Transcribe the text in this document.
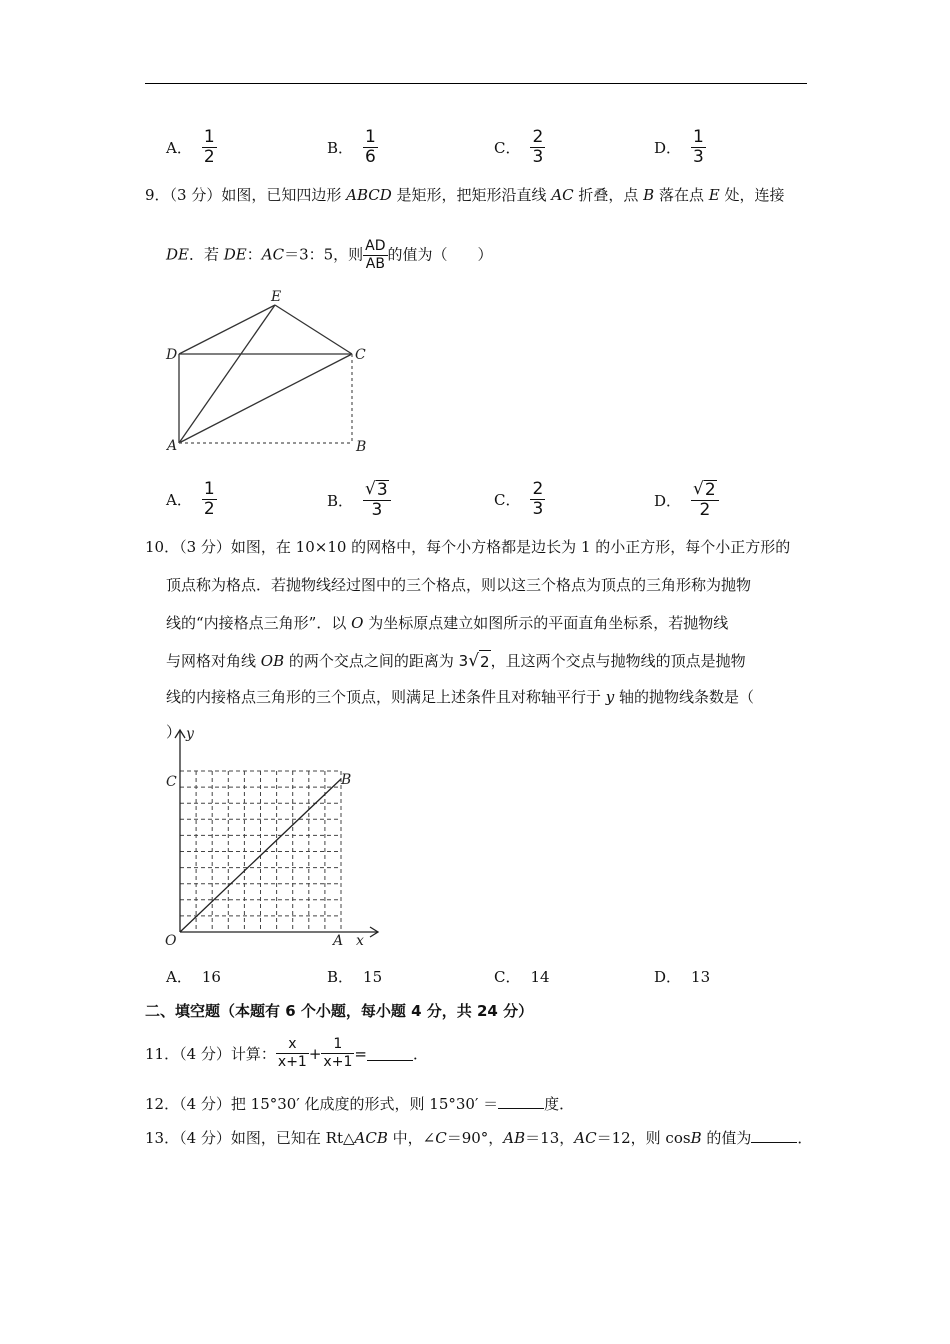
A． $\frac{1}{2}$	B． $\frac{1}{6}$	C． $\frac{2}{3}$	D． $\frac{1}{3}$
9．（3 分）如图，已知四边形 ABCD 是矩形，把矩形沿直线 AC 折叠，点 B 落在点 E 处，连接
DE．若 DE：AC＝3：5，则 $\frac{AD}{AB}$ 的值为（　　）
E
D	C
A	B
A． $\frac{1}{2}$	B． $\frac{√ 3}{3}$	C． $\frac{2}{3}$	D． $\frac{√ 2}{2}$
10．（3 分）如图，在 10×10 的网格中，每个小方格都是边长为 1 的小正方形，每个小正方形的
顶点称为格点．若抛物线经过图中的三个格点，则以这三个格点为顶点的三角形称为抛物
线的“内接格点三角形”．以 O 为坐标原点建立如图所示的平面直角坐标系，若抛物线
与网格对角线 OB 的两个交点之间的距离为 3 √ 2 ，且这两个交点与抛物线的顶点是抛物
线的内接格点三角形的三个顶点，则满足上述条件且对称轴平行于 y 轴的抛物线条数是（
） y
C	B
O	A x
A． 16	B． 15	C． 14	D． 13
二、填空题（本题有 6 个小题，每小题 4 分，共 24 分）
11．（4 分）计算： $\frac{x}{x+1} + \frac{1}{x+1}$ =	．
12．（4 分）把 15°30′ 化成度的形式，则 15°30′ ＝	度．
13．（4 分）如图，已知在 Rt△ACB 中，∠C＝90°，AB＝13，AC＝12，则 cosB 的值为	．
